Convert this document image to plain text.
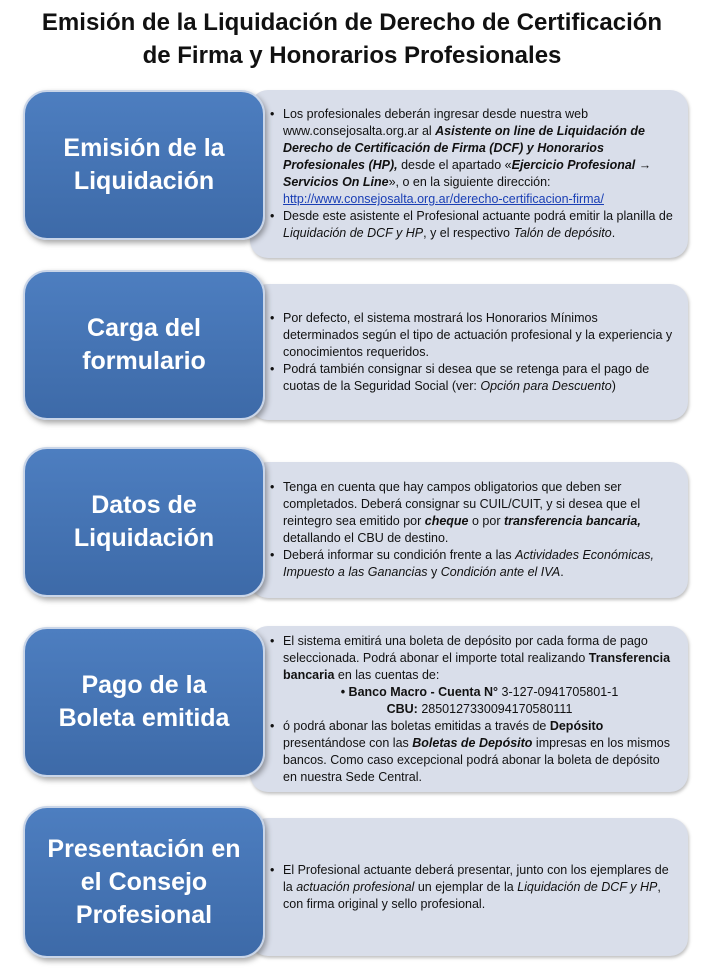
Emisión de la Liquidación de Derecho de Certificación
de Firma y Honorarios Profesionales
• Los profesionales deberán ingresar desde nuestra web www.consejosalta.org.ar al Asistente on line de Liquidación de Derecho de Certificación de Firma (DCF) y Honorarios Profesionales (HP), desde el apartado «Ejercicio Profesional → Servicios On Line», o en la siguiente dirección:
http://www.consejosalta.org.ar/derecho-certificacion-firma/
• Desde este asistente el Profesional actuante podrá emitir la planilla de Liquidación de DCF y HP, y el respectivo Talón de depósito.
Emisión de la
Liquidación
• Por defecto, el sistema mostrará los Honorarios Mínimos determinados según el tipo de actuación profesional y la experiencia y conocimientos requeridos.
• Podrá también consignar si desea que se retenga para el pago de cuotas de la Seguridad Social (ver: Opción para Descuento)
Carga del
formulario
• Tenga en cuenta que hay campos obligatorios que deben ser completados. Deberá consignar su CUIL/CUIT, y si desea que el reintegro sea emitido por cheque o por transferencia bancaria, detallando el CBU de destino.
• Deberá informar su condición frente a las Actividades Económicas, Impuesto a las Ganancias y Condición ante el IVA.
Datos de
Liquidación
• El sistema emitirá una boleta de depósito por cada forma de pago seleccionada. Podrá abonar el importe total realizando Transferencia bancaria en las cuentas de:
• Banco Macro - Cuenta N° 3-127-0941705801-1
CBU: 2850127330094170580111
• ó podrá abonar las boletas emitidas a través de Depósito presentándose con las Boletas de Depósito impresas en los mismos bancos. Como caso excepcional podrá abonar la boleta de depósito en nuestra Sede Central.
Pago de la
Boleta emitida
• El Profesional actuante deberá presentar, junto con los ejemplares de la actuación profesional un ejemplar de la Liquidación de DCF y HP, con firma original y sello profesional.
Presentación en
el Consejo
Profesional
